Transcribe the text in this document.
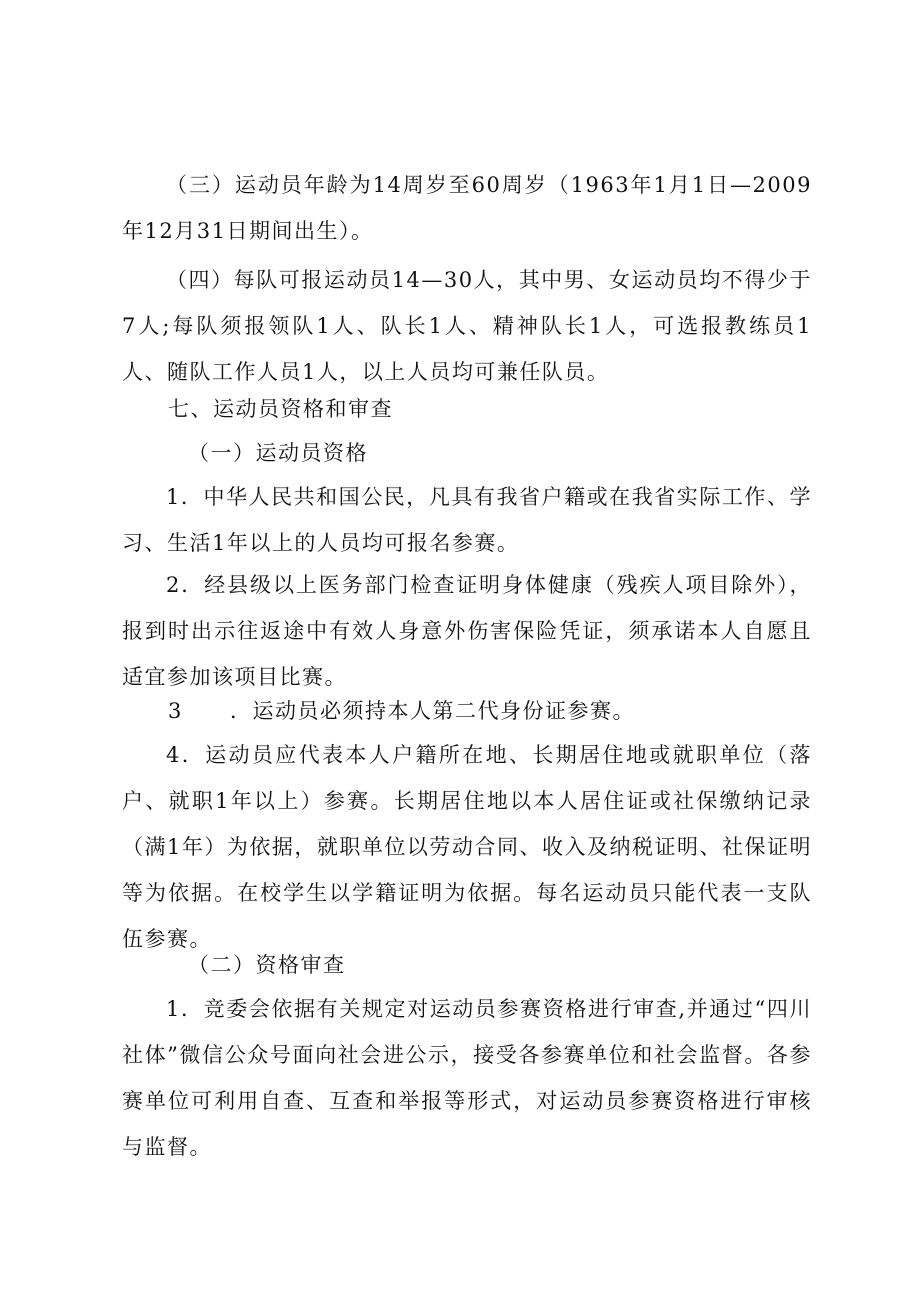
（三）运动员年龄为14周岁至60周岁（1963年1月1日—2009年12月31日期间出生）。

（四）每队可报运动员14—30人，其中男、女运动员均不得少于7人;每队须报领队1人、队长1人、精神队长1人，可选报教练员1人、随队工作人员1人，以上人员均可兼任队员。

七、运动员资格和审查

（一）运动员资格

1．中华人民共和国公民，凡具有我省户籍或在我省实际工作、学习、生活1年以上的人员均可报名参赛。

2．经县级以上医务部门检查证明身体健康（残疾人项目除外），报到时出示往返途中有效人身意外伤害保险凭证，须承诺本人自愿且适宜参加该项目比赛。

3 ．运动员必须持本人第二代身份证参赛。

4．运动员应代表本人户籍所在地、长期居住地或就职单位（落户、就职1年以上）参赛。长期居住地以本人居住证或社保缴纳记录（满1年）为依据，就职单位以劳动合同、收入及纳税证明、社保证明等为依据。在校学生以学籍证明为依据。每名运动员只能代表一支队伍参赛。

（二）资格审查

1．竞委会依据有关规定对运动员参赛资格进行审查,并通过“四川社体”微信公众号面向社会进公示，接受各参赛单位和社会监督。各参赛单位可利用自查、互查和举报等形式，对运动员参赛资格进行审核与监督。
